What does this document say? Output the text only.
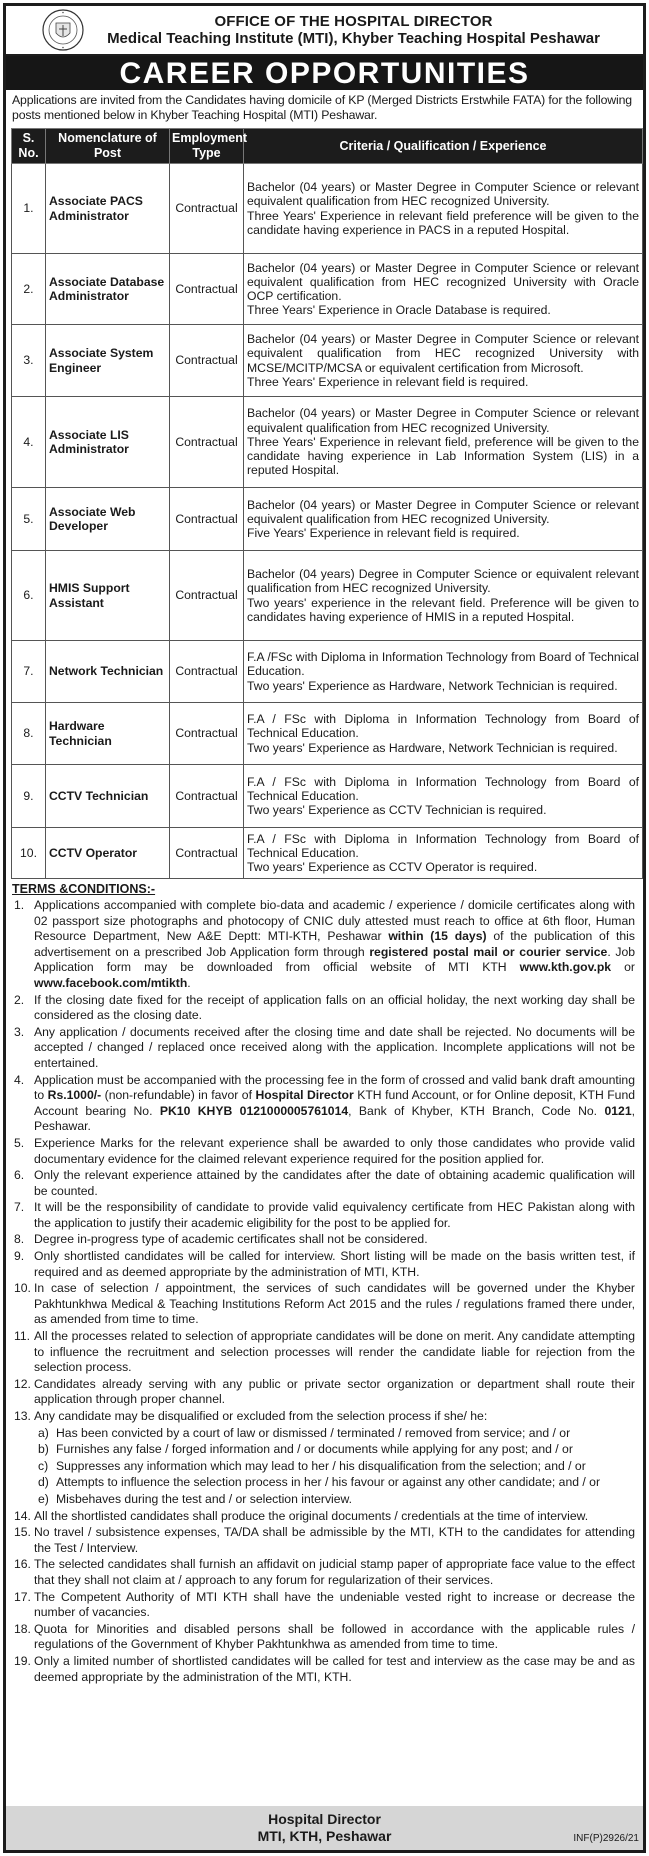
OFFICE OF THE HOSPITAL DIRECTOR
Medical Teaching Institute (MTI), Khyber Teaching Hospital Peshawar
CAREER OPPORTUNITIES
Applications are invited from the Candidates having domicile of KP (Merged Districts Erstwhile FATA) for the following posts mentioned below in Khyber Teaching Hospital (MTI) Peshawar.
S. No.	Nomenclature of Post	Employment Type	Criteria / Qualification / Experience
1.	Associate PACS Administrator	Contractual	Bachelor (04 years) or Master Degree in Computer Science or relevant equivalent qualification from HEC recognized University.
Three Years' Experience in relevant field preference will be given to the candidate having experience in PACS in a reputed Hospital.

2.	Associate Database Administrator	Contractual	Bachelor (04 years) or Master Degree in Computer Science or relevant equivalent qualification from HEC recognized University with Oracle OCP certification.
Three Years' Experience in Oracle Database is required.

3.	Associate System Engineer	Contractual	Bachelor (04 years) or Master Degree in Computer Science or relevant equivalent qualification from HEC recognized University with MCSE/MCITP/MCSA or equivalent certification from Microsoft.
Three Years' Experience in relevant field is required.

4.	Associate LIS Administrator	Contractual	Bachelor (04 years) or Master Degree in Computer Science or relevant equivalent qualification from HEC recognized University.
Three Years' Experience in relevant field, preference will be given to the candidate having experience in Lab Information System (LIS) in a reputed Hospital.

5.	Associate Web Developer	Contractual	Bachelor (04 years) or Master Degree in Computer Science or relevant equivalent qualification from HEC recognized University.
Five Years' Experience in relevant field is required.

6.	HMIS Support Assistant	Contractual	Bachelor (04 years) Degree in Computer Science or equivalent relevant qualification from HEC recognized University.
Two years' experience in the relevant field. Preference will be given to candidates having experience of HMIS in a reputed Hospital.

7.	Network Technician	Contractual	F.A /FSc with Diploma in Information Technology from Board of Technical Education.
Two years' Experience as Hardware, Network Technician is required.

8.	Hardware Technician	Contractual	F.A / FSc with Diploma in Information Technology from Board of Technical Education.
Two years' Experience as Hardware, Network Technician is required.

9.	CCTV Technician	Contractual	F.A / FSc with Diploma in Information Technology from Board of Technical Education.
Two years' Experience as CCTV Technician is required.

10.	CCTV Operator	Contractual	F.A / FSc with Diploma in Information Technology from Board of Technical Education.
Two years' Experience as CCTV Operator is required.
TERMS &CONDITIONS:-
1. Applications accompanied with complete bio-data and academic / experience / domicile certificates along with 02 passport size photographs and photocopy of CNIC duly attested must reach to office at 6th floor, Human Resource Department, New A&E Deptt: MTI-KTH, Peshawar within (15 days) of the publication of this advertisement on a prescribed Job Application form through registered postal mail or courier service. Job Application form may be downloaded from official website of MTI KTH www.kth.gov.pk or www.facebook.com/mtikth.
2. If the closing date fixed for the receipt of application falls on an official holiday, the next working day shall be considered as the closing date.
3. Any application / documents received after the closing time and date shall be rejected. No documents will be accepted / changed / replaced once received along with the application. Incomplete applications will not be entertained.
4. Application must be accompanied with the processing fee in the form of crossed and valid bank draft amounting to Rs.1000/- (non-refundable) in favor of Hospital Director KTH fund Account, or for Online deposit, KTH Fund Account bearing No. PK10 KHYB 0121000005761014, Bank of Khyber, KTH Branch, Code No. 0121, Peshawar.
5. Experience Marks for the relevant experience shall be awarded to only those candidates who provide valid documentary evidence for the claimed relevant experience required for the position applied for.
6. Only the relevant experience attained by the candidates after the date of obtaining academic qualification will be counted.
7. It will be the responsibility of candidate to provide valid equivalency certificate from HEC Pakistan along with the application to justify their academic eligibility for the post to be applied for.
8. Degree in-progress type of academic certificates shall not be considered.
9. Only shortlisted candidates will be called for interview. Short listing will be made on the basis written test, if required and as deemed appropriate by the administration of MTI, KTH.
10. In case of selection / appointment, the services of such candidates will be governed under the Khyber Pakhtunkhwa Medical & Teaching Institutions Reform Act 2015 and the rules / regulations framed there under, as amended from time to time.
11. All the processes related to selection of appropriate candidates will be done on merit. Any candidate attempting to influence the recruitment and selection processes will render the candidate liable for rejection from the selection process.
12. Candidates already serving with any public or private sector organization or department shall route their application through proper channel.
13. Any candidate may be disqualified or excluded from the selection process if she/ he:
a) Has been convicted by a court of law or dismissed / terminated / removed from service; and / or
b) Furnishes any false / forged information and / or documents while applying for any post; and / or
c) Suppresses any information which may lead to her / his disqualification from the selection; and / or
d) Attempts to influence the selection process in her / his favour or against any other candidate; and / or
e) Misbehaves during the test and / or selection interview.
14. All the shortlisted candidates shall produce the original documents / credentials at the time of interview.
15. No travel / subsistence expenses, TA/DA shall be admissible by the MTI, KTH to the candidates for attending the Test / Interview.
16. The selected candidates shall furnish an affidavit on judicial stamp paper of appropriate face value to the effect that they shall not claim at / approach to any forum for regularization of their services.
17. The Competent Authority of MTI KTH shall have the undeniable vested right to increase or decrease the number of vacancies.
18. Quota for Minorities and disabled persons shall be followed in accordance with the applicable rules / regulations of the Government of Khyber Pakhtunkhwa as amended from time to time.
19. Only a limited number of shortlisted candidates will be called for test and interview as the case may be and as deemed appropriate by the administration of the MTI, KTH.
Hospital Director
MTI, KTH, Peshawar	INF(P)2926/21
